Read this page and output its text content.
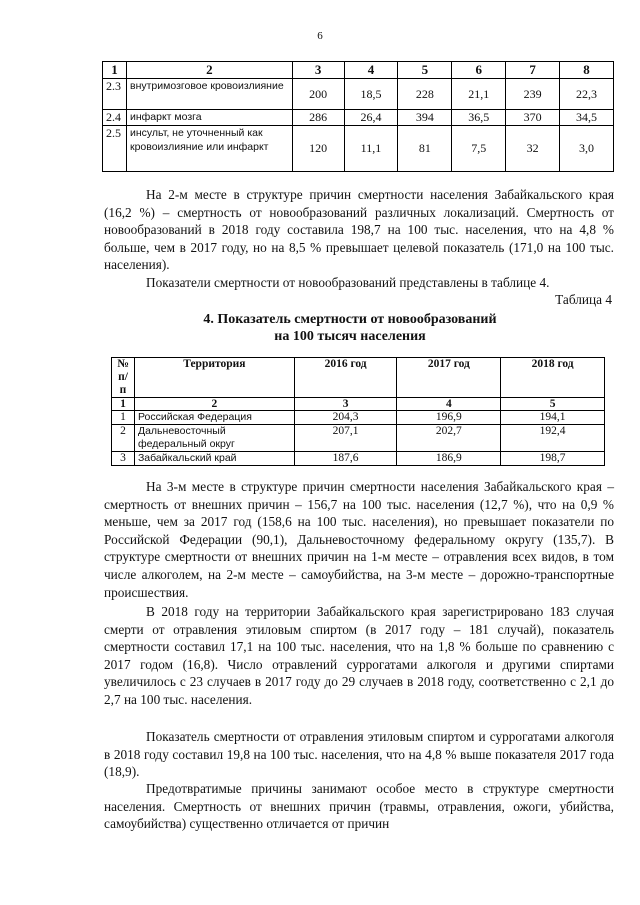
6
1	2	3	4	5	6	7	8
2.3	внутримозговое кровоизлияние	200	18,5	228	21,1	239	22,3
2.4	инфаркт мозга	286	26,4	394	36,5	370	34,5
2.5	инсульт, не уточненный как кровоизлияние или инфаркт	120	11,1	81	7,5	32	3,0

На 2-м месте в структуре причин смертности населения Забайкальского края (16,2 %) – смертность от новообразований различных локализаций. Смертность от новообразований в 2018 году составила 198,7 на 100 тыс. населения, что на 4,8 % больше, чем в 2017 году, но на 8,5 % превышает целевой показатель (171,0 на 100 тыс. населения).

Показатели смертности от новообразований представлены в таблице 4.

Таблица 4
4. Показатель смертности от новообразований
на 100 тысяч населения
№ п/п	Территория	2016 год	2017 год	2018 год
1	2	3	4	5
1	Российская Федерация	204,3	196,9	194,1
2	Дальневосточный федеральный округ	207,1	202,7	192,4
3	Забайкальский край	187,6	186,9	198,7

На 3-м месте в структуре причин смертности населения Забайкальского края – смертность от внешних причин – 156,7 на 100 тыс. населения (12,7 %), что на 0,9 % меньше, чем за 2017 год (158,6 на 100 тыс. населения), но превышает показатели по Российской Федерации (90,1), Дальневосточному федеральному округу (135,7). В структуре смертности от внешних причин на 1-м месте – отравления всех видов, в том числе алкоголем, на 2-м месте – самоубийства, на 3-м месте – дорожно-транспортные происшествия.

В 2018 году на территории Забайкальского края зарегистрировано 183 случая смерти от отравления этиловым спиртом (в 2017 году – 181 случай), показатель смертности составил 17,1 на 100 тыс. населения, что на 1,8 % больше по сравнению с 2017 годом (16,8). Число отравлений суррогатами алкоголя и другими спиртами увеличилось с 23 случаев в 2017 году до 29 случаев в 2018 году, соответственно с 2,1 до 2,7 на 100 тыс. населения.

Показатель смертности от отравления этиловым спиртом и суррогатами алкоголя в 2018 году составил 19,8 на 100 тыс. населения, что на 4,8 % выше показателя 2017 года (18,9).

Предотвратимые причины занимают особое место в структуре смертности населения. Смертность от внешних причин (травмы, отравления, ожоги, убийства, самоубийства) существенно отличается от причин
